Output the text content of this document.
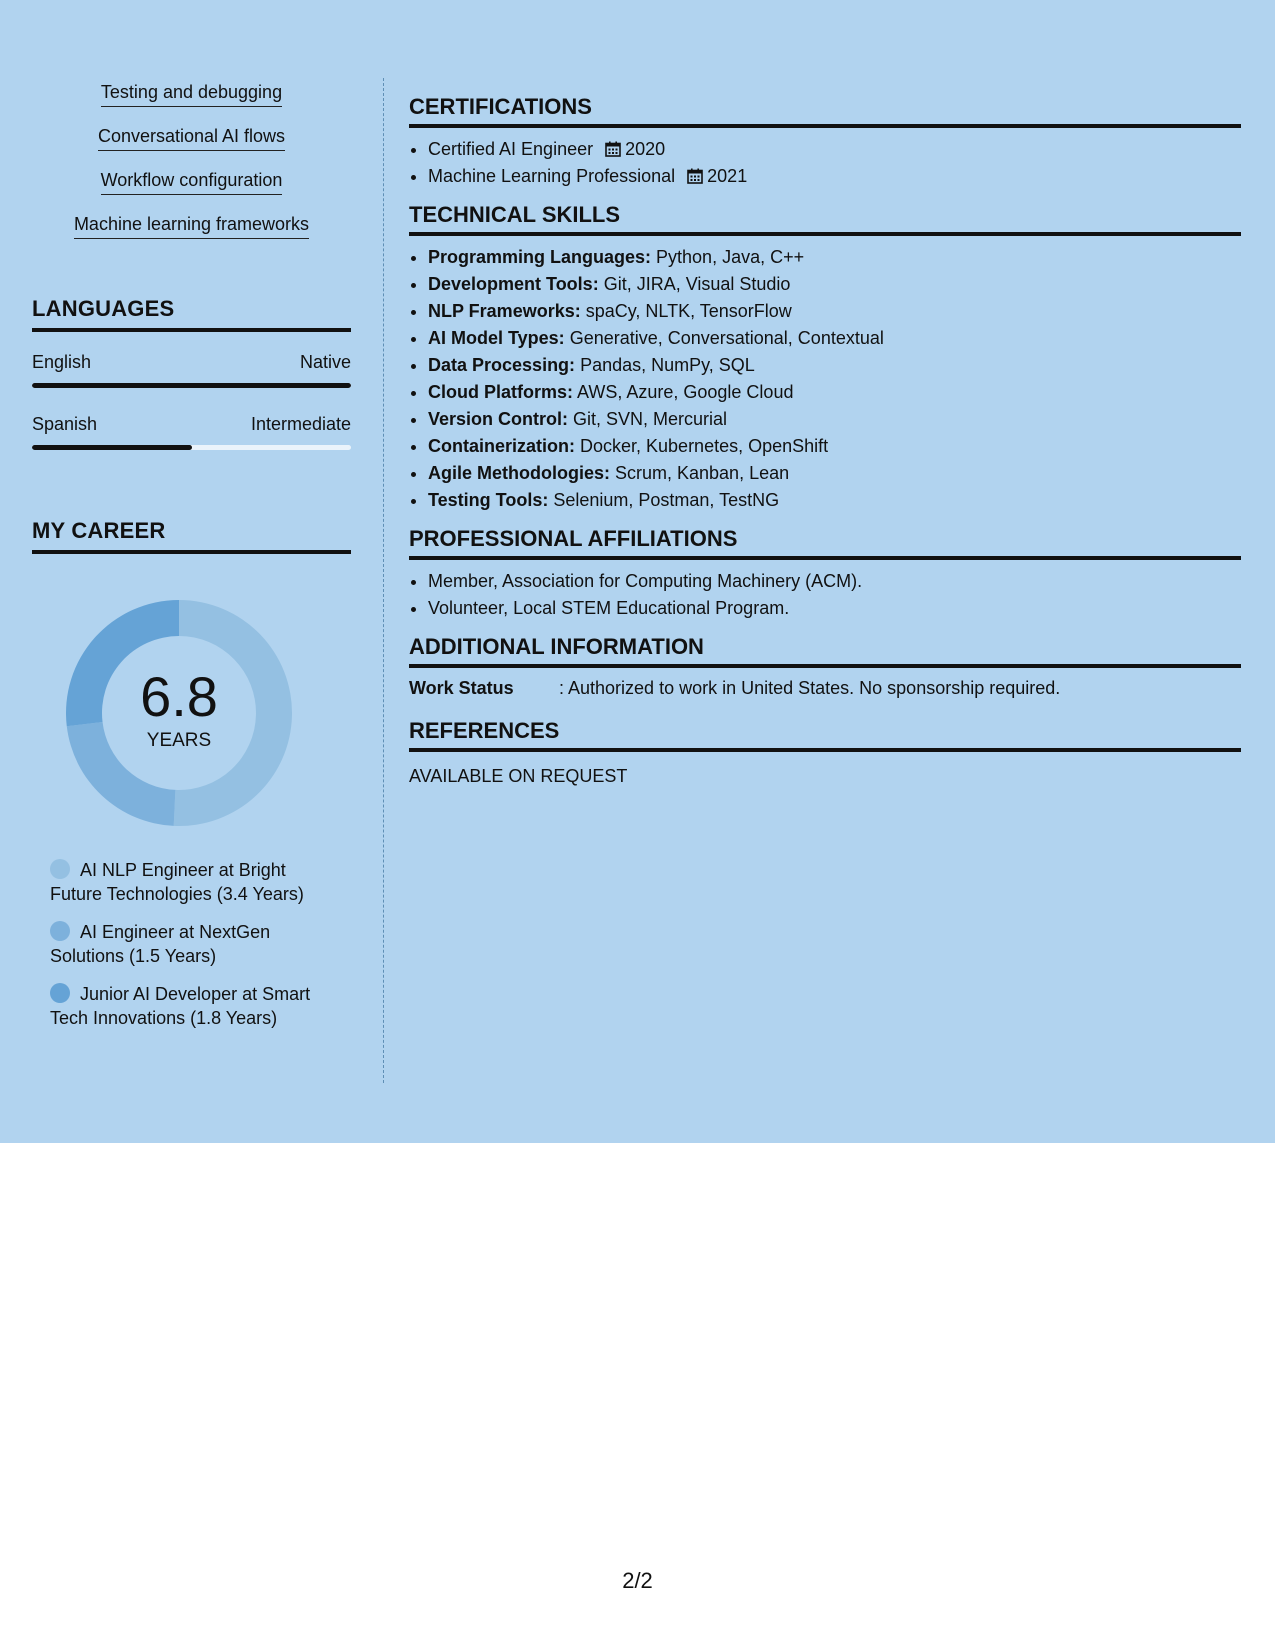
Testing and debugging
Conversational AI flows
Workflow configuration
Machine learning frameworks
LANGUAGES
English	Native
Spanish	Intermediate
MY CAREER
6.8
YEARS
AI NLP Engineer at Bright Future Technologies (3.4 Years)
AI Engineer at NextGen Solutions (1.5 Years)
Junior AI Developer at Smart Tech Innovations (1.8 Years)
CERTIFICATIONS
• Certified AI Engineer 2020
• Machine Learning Professional 2021
TECHNICAL SKILLS
• Programming Languages: Python, Java, C++
• Development Tools: Git, JIRA, Visual Studio
• NLP Frameworks: spaCy, NLTK, TensorFlow
• AI Model Types: Generative, Conversational, Contextual
• Data Processing: Pandas, NumPy, SQL
• Cloud Platforms: AWS, Azure, Google Cloud
• Version Control: Git, SVN, Mercurial
• Containerization: Docker, Kubernetes, OpenShift
• Agile Methodologies: Scrum, Kanban, Lean
• Testing Tools: Selenium, Postman, TestNG
PROFESSIONAL AFFILIATIONS
• Member, Association for Computing Machinery (ACM).
• Volunteer, Local STEM Educational Program.
ADDITIONAL INFORMATION
Work Status	: Authorized to work in United States. No sponsorship required.
REFERENCES
AVAILABLE ON REQUEST
2/2
